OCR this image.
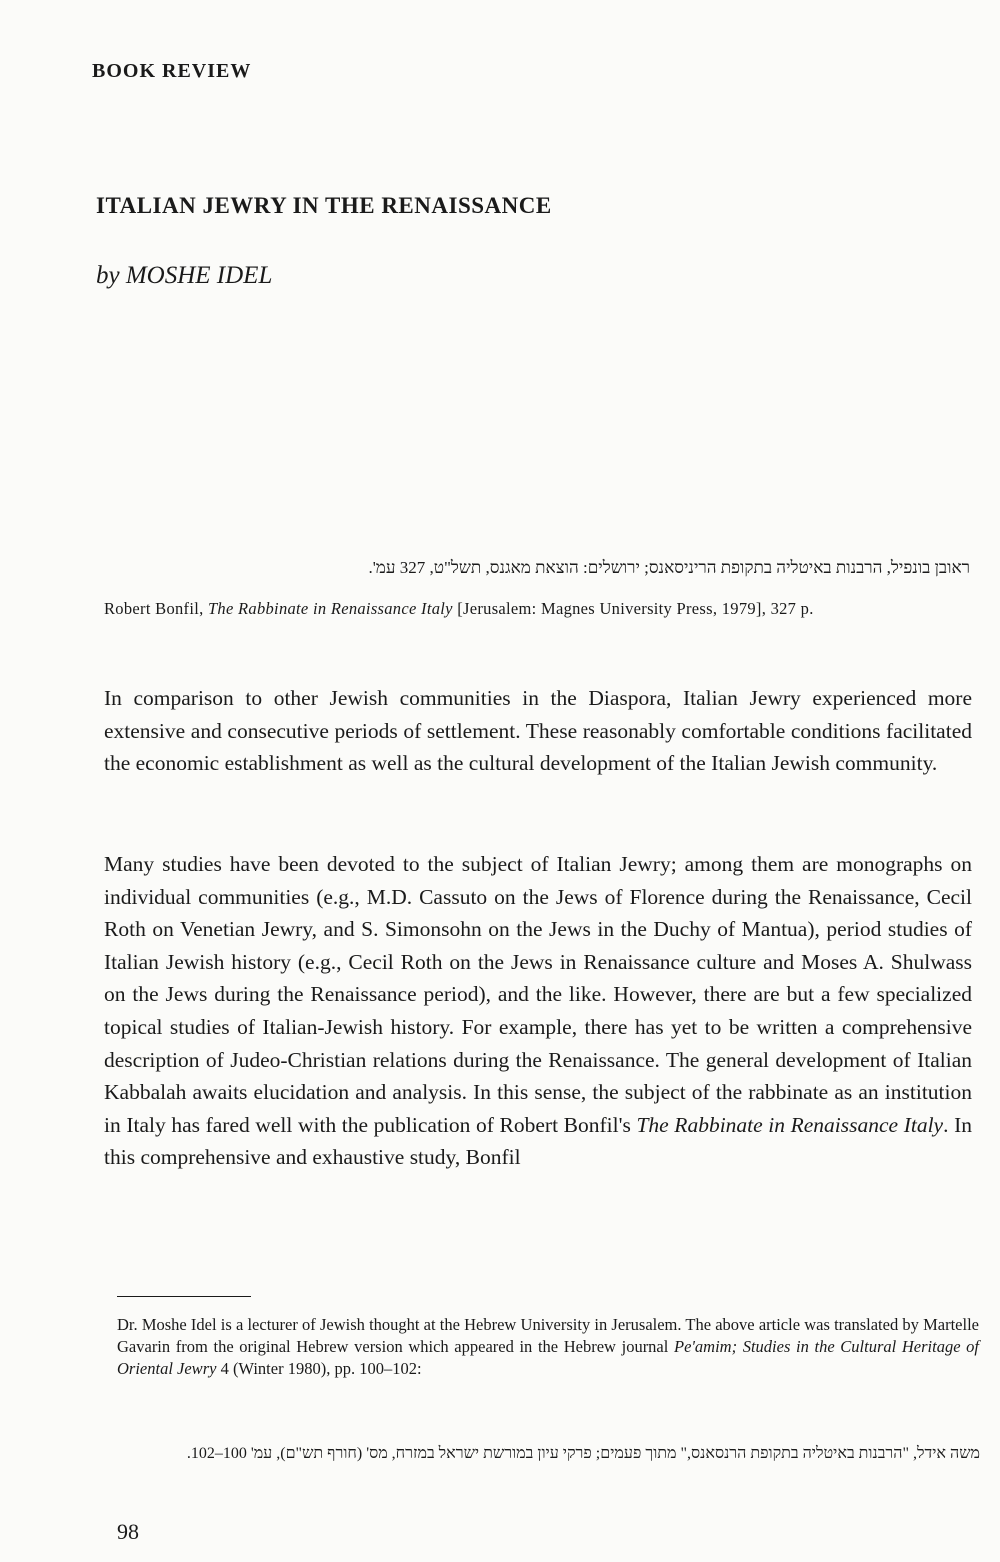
BOOK REVIEW
ITALIAN JEWRY IN THE RENAISSANCE

by MOSHE IDEL

ראובן בונפיל, הרבנות באיטליה בתקופת הריניסאנס; ירושלים: הוצאת מאגנס, תשל"ט, 327 עמ'.

Robert Bonfil, The Rabbinate in Renaissance Italy [Jerusalem: Magnes University Press, 1979], 327 p.

In comparison to other Jewish communities in the Diaspora, Italian Jewry experienced more extensive and consecutive periods of settlement. These reasonably comfortable conditions facilitated the economic establishment as well as the cultural development of the Italian Jewish community.

Many studies have been devoted to the subject of Italian Jewry; among them are monographs on individual communities (e.g., M.D. Cassuto on the Jews of Florence during the Renaissance, Cecil Roth on Venetian Jewry, and S. Simonsohn on the Jews in the Duchy of Mantua), period studies of Italian Jewish history (e.g., Cecil Roth on the Jews in Renaissance culture and Moses A. Shulwass on the Jews during the Renaissance period), and the like. However, there are but a few specialized topical studies of Italian-Jewish history. For example, there has yet to be written a comprehensive description of Judeo-Christian relations during the Renaissance. The general development of Italian Kabbalah awaits elucidation and analysis. In this sense, the subject of the rabbinate as an institution in Italy has fared well with the publication of Robert Bonfil's The Rabbinate in Renaissance Italy. In this comprehensive and exhaustive study, Bonfil

Dr. Moshe Idel is a lecturer of Jewish thought at the Hebrew University in Jerusalem. The above article was translated by Martelle Gavarin from the original Hebrew version which appeared in the Hebrew journal Pe'amim; Studies in the Cultural Heritage of Oriental Jewry 4 (Winter 1980), pp. 100–102:

משה אידל, "הרבנות באיטליה בתקופת הרנסאנס," מתוך פעמים; פרקי עיון במורשת ישראל במזרח, מס' (חורף תש"ם), עמ' 100–102.

98
